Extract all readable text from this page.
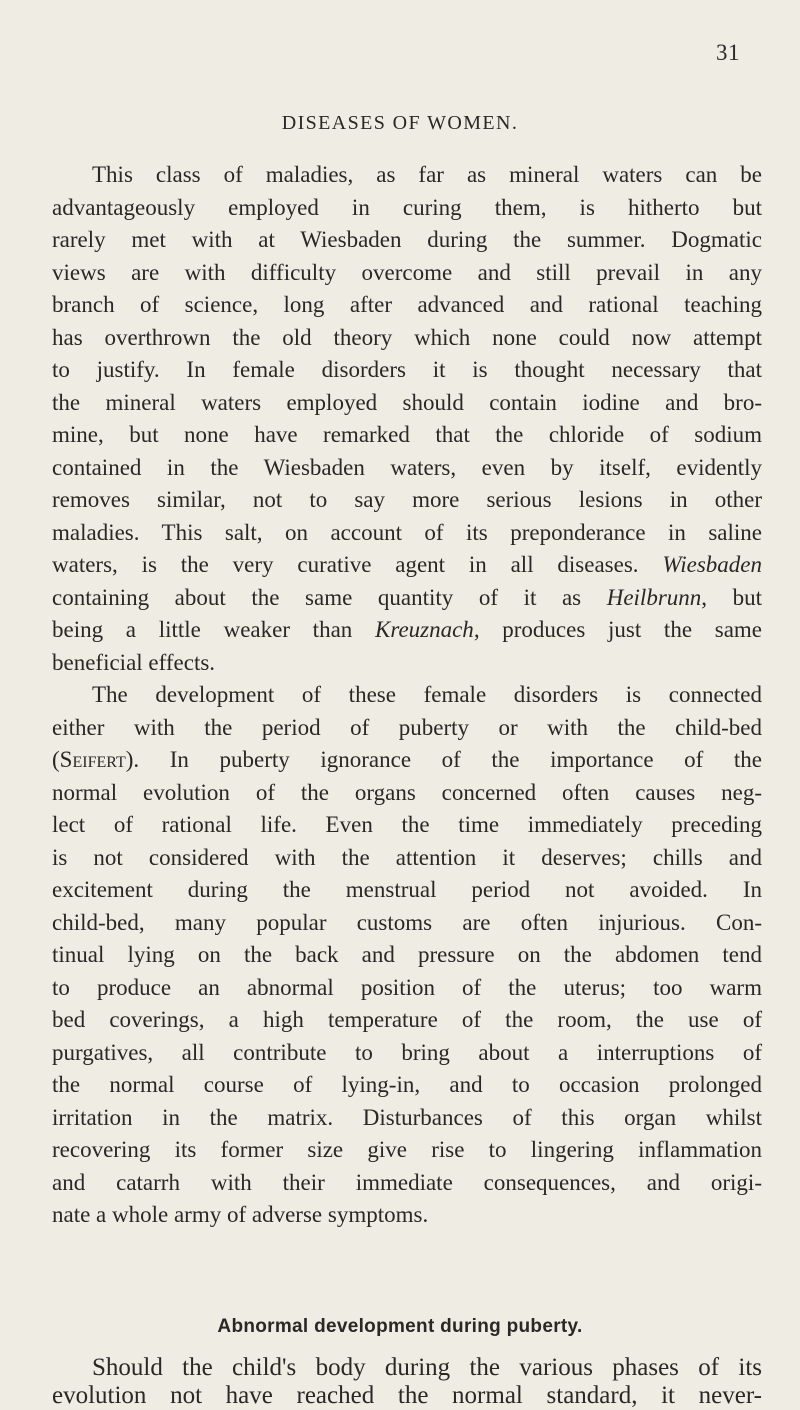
31
DISEASES OF WOMEN.
This class of maladies, as far as mineral waters can be
advantageously employed in curing them, is hitherto but
rarely met with at Wiesbaden during the summer. Dogmatic
views are with difficulty overcome and still prevail in any
branch of science, long after advanced and rational teaching
has overthrown the old theory which none could now attempt
to justify. In female disorders it is thought necessary that
the mineral waters employed should contain iodine and bro-
mine, but none have remarked that the chloride of sodium
contained in the Wiesbaden waters, even by itself, evidently
removes similar, not to say more serious lesions in other
maladies. This salt, on account of its preponderance in saline
waters, is the very curative agent in all diseases. Wiesbaden
containing about the same quantity of it as Heilbrunn, but
being a little weaker than Kreuznach, produces just the same
beneficial effects.
The development of these female disorders is connected
either with the period of puberty or with the child-bed
(Seifert). In puberty ignorance of the importance of the
normal evolution of the organs concerned often causes neg-
lect of rational life. Even the time immediately preceding
is not considered with the attention it deserves; chills and
excitement during the menstrual period not avoided. In
child-bed, many popular customs are often injurious. Con-
tinual lying on the back and pressure on the abdomen tend
to produce an abnormal position of the uterus; too warm
bed coverings, a high temperature of the room, the use of
purgatives, all contribute to bring about a interruptions of
the normal course of lying-in, and to occasion prolonged
irritation in the matrix. Disturbances of this organ whilst
recovering its former size give rise to lingering inflammation
and catarrh with their immediate consequences, and origi-
nate a whole army of adverse symptoms.
Abnormal development during puberty.
Should the child's body during the various phases of its
evolution not have reached the normal standard, it never-
